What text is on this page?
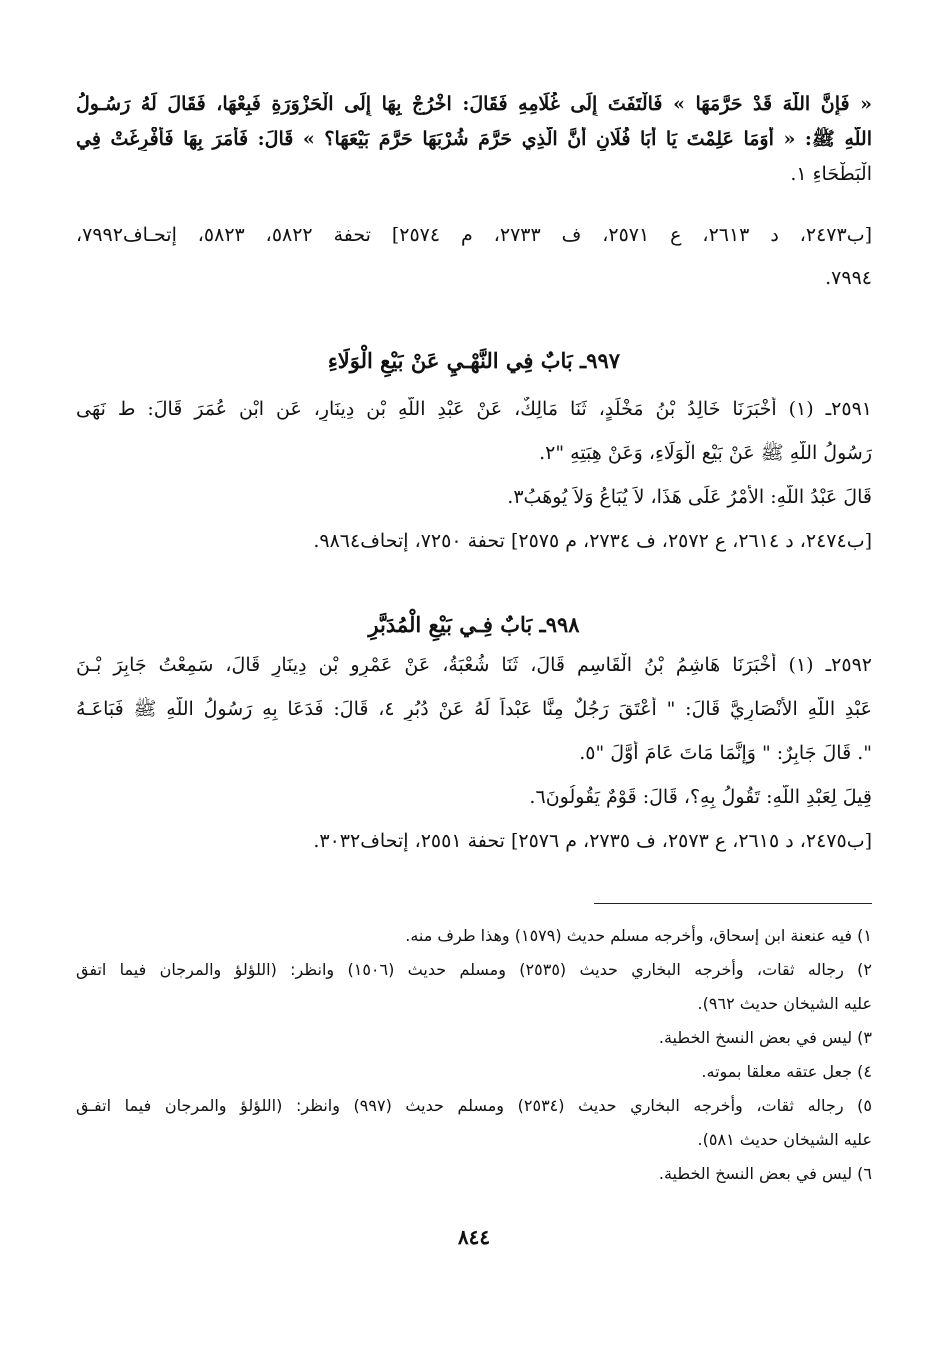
« فَإِنَّ اللَّهَ قَدْ حَرَّمَهَا » فَالْتَفَتَ إِلَى غُلَامِهِ فَقَالَ: اخْرُجْ بِهَا إِلَى الْحَزْوَرَةِ فَبِعْهَا، فَقَالَ لَهُ رَسُـولُ
اللَّهِ ﷺ: « أَوَمَا عَلِمْتَ يَا أَبَا فُلَانٍ أَنَّ الَّذِي حَرَّمَ شُرْبَهَا حَرَّمَ بَيْعَهَا؟ » قَالَ: فَأَمَرَ بِهَا فَأُفْرِغَتْ فِي
الْبَطْحَاءِ ١.
[ب٢٤٧٣، د ٢٦١٣، ع ٢٥٧١، ف ٢٧٣٣، م ٢٥٧٤] تحفة ٥٨٢٢، ٥٨٢٣، إتحـاف٧٩٩٢،
٧٩٩٤.
٩٩٧ـ بَابٌ فِي النَّهْـيِ عَنْ بَيْعِ الْوَلَاءِ
٢٥٩١ـ (١) أَخْبَرَنَا خَالِدُ بْنُ مَخْلَدٍ، ثَنَا مَالِكٌ، عَنْ عَبْدِ اللَّهِ بْنِ دِينَارٍ، عَنِ ابْنِ عُمَرَ قَالَ: ط نَهَى
رَسُولُ اللَّهِ ﷺ عَنْ بَيْعِ الْوَلَاءِ، وَعَنْ هِبَتِهِ "٢.
قَالَ عَبْدُ اللَّهِ: الأَمْرُ عَلَى هَذَا، لاَ يُبَاعُ وَلاَ يُوهَبُ٣.
[ب٢٤٧٤، د ٢٦١٤، ع ٢٥٧٢، ف ٢٧٣٤، م ٢٥٧٥] تحفة ٧٢٥٠، إتحاف٩٨٦٤.
٩٩٨ـ بَابٌ فِـي بَيْعِ الْمُدَبَّرِ
٢٥٩٢ـ (١) أَخْبَرَنَا هَاشِمُ بْنُ الْقَاسِمِ قَالَ، ثَنَا شُعْبَةُ، عَنْ عَمْرِو بْنِ دِينَارٍ قَالَ، سَمِعْتُ جَابِرَ بْـنَ
عَبْدِ اللَّهِ الأَنْصَارِيَّ قَالَ: " أَعْتَقَ رَجُلٌ مِنَّا عَبْداً لَهُ عَنْ دُبُرٍ ٤، قَالَ: فَدَعَا بِهِ رَسُولُ اللَّهِ ﷺ فَبَاعَـهُ
". قَالَ جَابِرٌ: " وَإِنَّمَا مَاتَ عَامَ أَوَّلَ "٥.
قِيلَ لِعَبْدِ اللَّهِ: تَقُولُ بِهِ؟، قَالَ: قَوْمٌ يَقُولُونَ٦.
[ب٢٤٧٥، د ٢٦١٥، ع ٢٥٧٣، ف ٢٧٣٥، م ٢٥٧٦] تحفة ٢٥٥١، إتحاف٣٠٣٢.
١) فيه عنعنة ابن إسحاق، وأخرجه مسلم حديث (١٥٧٩) وهذا طرف منه.
٢) رجاله ثقات، وأخرجه البخاري حديث (٢٥٣٥) ومسلم حديث (١٥٠٦) وانظر: (اللؤلؤ والمرجان فيما اتفق
عليه الشيخان حديث ٩٦٢).
٣) ليس في بعض النسخ الخطية.
٤) جعل عتقه معلقا بموته.
٥) رجاله ثقات، وأخرجه البخاري حديث (٢٥٣٤) ومسلم حديث (٩٩٧) وانظر: (اللؤلؤ والمرجان فيما اتفـق
عليه الشيخان حديث ٥٨١).
٦) ليس في بعض النسخ الخطية.
٨٤٤
